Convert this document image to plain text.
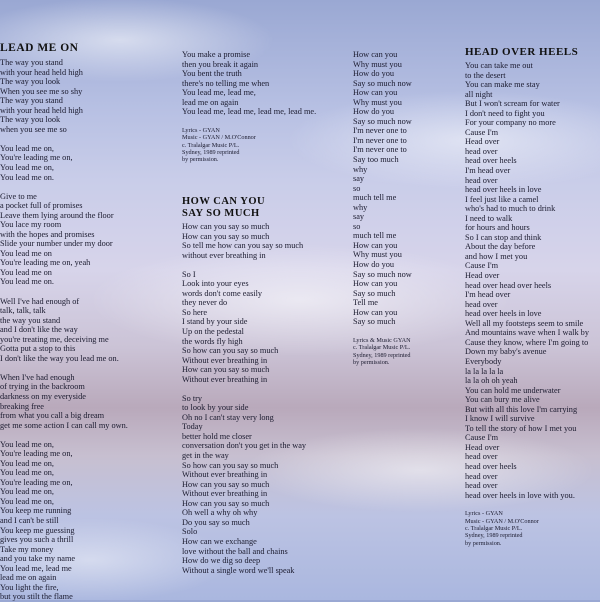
LEAD ME ON
The way you stand
with your head held high
The way you look
When you see me so shy
The way you stand
with your head held high
The way you look
when you see me so
You lead me on,
You're leading me on,
You lead me on,
You lead me on.
Give to me
a pocket full of promises
Leave them lying around the floor
You lace my room
with the hopes and promises
Slide your number under my door
You lead me on
You're leading me on, yeah
You lead me on
You lead me on.
Well I've had enough of
talk, talk, talk
the way you stand
and I don't like the way
you're treating me, deceiving me
Gotta put a stop to this
I don't like the way you lead me on.
When I've had enough
of trying in the backroom
darkness on my everyside
breaking free
from what you call a big dream
get me some action I can call my own.
You lead me on,
You're leading me on,
You lead me on,
You lead me on,
You're leading me on,
You lead me on,
You lead me on,
You keep me running
and I can't be still
You keep me guessing
gives you such a thrill
Take my money
and you take my name
You lead me, lead me
lead me on again
You light the fire,
but you stilt the flame
You make a promise
then you break it again
You bent the truth
there's no telling me when
You lead me, lead me,
lead me on again
You lead me, lead me, lead me, lead me.
Lyrics - GYAN
Music - GYAN / M.O'Connor
c. Tralalgar Music P/L.
Sydney, 1989 reprinted
by permission.
HOW CAN YOU
SAY SO MUCH
How can you say so much
How can you say so much
So tell me how can you say so much
without ever breathing in
So I
Look into your eyes
words don't come easily
they never do
So here
I stand by your side
Up on the pedestal
the words fly high
So how can you say so much
Without ever breathing in
How can you say so much
Without ever breathing in
So try
to look by your side
Oh no I can't stay very long
Today
better hold me closer
conversation don't you get in the way
get in the way
So how can you say so much
Without ever breathing in
How can you say so much
Without ever breathing in
How can you say so much
Oh well a why oh why
Do you say so much
Solo
How can we exchange
love without the ball and chains
How do we dig so deep
Without a single word we'll speak
How can you
Why must you
How do you
Say so much now
How can you
Why must you
How do you
Say so much now
I'm never one to
I'm never one to
I'm never one to
Say too much
why
say
so
much tell me
why
say
so
much tell me
How can you
Why must you
How do you
Say so much now
How can you
Say so much
Tell me
How can you
Say so much
Lyrics & Music GYAN
c. Tralalgar Music P/L.
Sydney, 1989 reprinted
by permission.
HEAD OVER HEELS
You can take me out
to the desert
You can make me stay
all night
But I won't scream for water
I don't need to fight you
For your company no more
Cause I'm
Head over
head over
head over heels
I'm head over
head over
head over heels in love
I feel just like a camel
who's had to much to drink
I need to walk
for hours and hours
So I can stop and think
About the day before
and how I met you
Cause I'm
Head over
head over head over heels
I'm head over
head over
head over heels in love
Well all my footsteps seem to smile
And mountains wave when I walk by
Cause they know, where I'm going to
Down my baby's avenue
Everybody
la la la la la
la la oh oh yeah
You can hold me underwater
You can bury me alive
But with all this love I'm carrying
I know I will survive
To tell the story of how I met you
Cause I'm
Head over
head over
head over heels
head over
head over
head over heels in love with you.
Lyrics - GYAN
Music - GYAN / M.O'Connor
c. Tralalgar Music P/L.
Sydney, 1989 reprinted
by permission.
